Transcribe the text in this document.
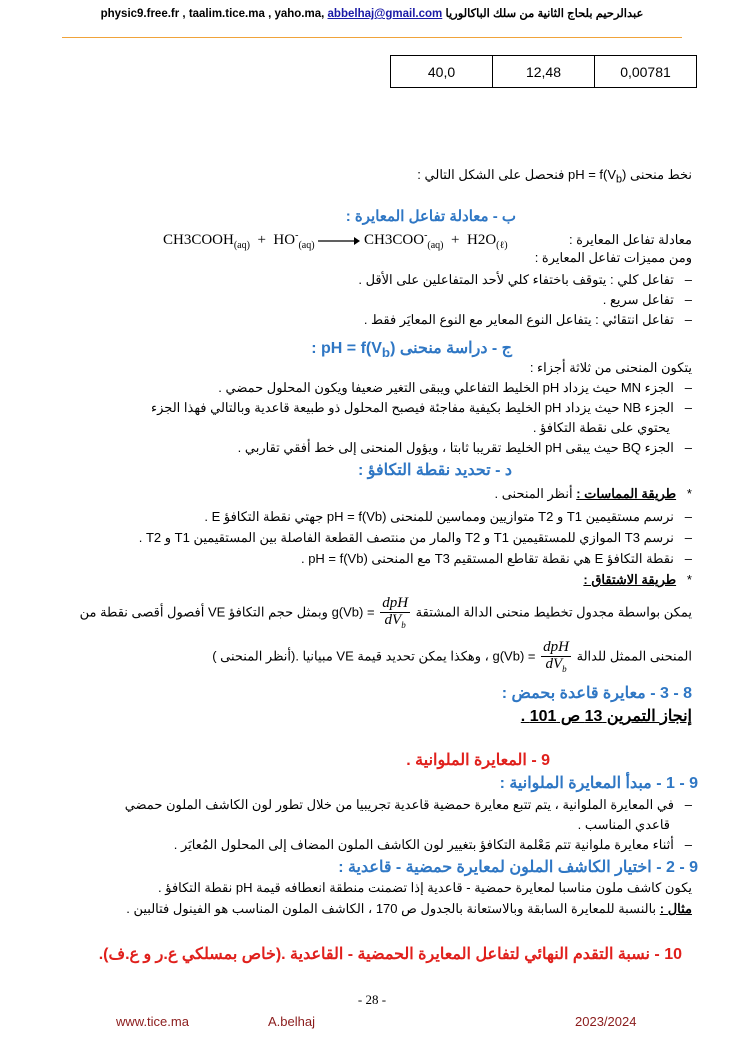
عبدالرحيم بلحاج الثانية من سلك الباكالوريا physic9.free.fr , taalim.tice.ma , yaho.ma, abbelhaj@gmail.com
40,0	12,48	0,00781
نخط منحنى pH = $f(V_b)$ فنحصل على الشكل التالي :
ب - معادلة تفاعل المعايرة :
معادلة تفاعل المعايرة :
$CH3COOH_{(aq)} + HO^-_{(aq)} \to CH3COO^-_{(aq)} + H2O_{(\ell)}$
ومن مميزات تفاعل المعايرة :
–   تفاعل كلي : يتوقف باختفاء كلي لأحد المتفاعلين على الأقل .
–   تفاعل سريع .
–   تفاعل انتقائي : يتفاعل النوع المعاير مع النوع المعايَر فقط .
ج - دراسة منحنى pH = $f(V_b)$ :
يتكون المنحنى من ثلاثة أجزاء :
–   الجزء MN حيث يزداد pH الخليط التفاعلي ويبقى التغير ضعيفا ويكون المحلول حمضي .
–   الجزء NB حيث يزداد pH الخليط بكيفية مفاجئة فيصبح المحلول ذو طبيعة قاعدية وبالتالي فهذا الجزء
يحتوي على نقطة التكافؤ .
–   الجزء BQ حيث يبقى pH الخليط تقريبا ثابتا ، ويؤول المنحنى إلى خط أفقي تقاربي .
د - تحديد نقطة التكافؤ :
*   طريقة المماسات : أنظر المنحنى .
–   نرسم مستقيمين T1 و T2 متوازيين ومماسين للمنحنى pH = f(Vb) جهتي نقطة التكافؤ E .
–   نرسم T3 الموازي للمستقيمين T1 و T2 والمار من منتصف القطعة الفاصلة بين المستقيمين T1 و T2 .
–   نقطة التكافؤ E هي نقطة تقاطع المستقيم T3 مع المنحنى pH = f(Vb) .
*   طريقة الاشتقاق :
يمكن بواسطة مجدول تخطيط منحنى الدالة المشتقة
$\frac{\text{dpH}}{dV_b}$
= g(Vb) وبمثل حجم التكافؤ VE أفصول أقصى نقطة من
المنحنى الممثل للدالة
$\frac{\text{dpH}}{dV_b}$
= g(Vb) ، وهكذا يمكن تحديد قيمة VE مبيانيا .(أنظر المنحنى )
8 - 3 - معايرة قاعدة بحمض :
إنجاز التمرين 13 ص 101 .
9 - المعايرة الملوانية .
9 - 1 - مبدأ المعايرة الملوانية :
–   في المعايرة الملوانية ، يتم تتبع معايرة حمضية قاعدية تجريبيا من خلال تطور لون الكاشف الملون حمضي
قاعدي المناسب .
–   أثناء معايرة ملوانية تتم مَعْلمة التكافؤ بتغيير لون الكاشف الملون المضاف إلى المحلول المُعايَر .
9 - 2 - اختيار الكاشف الملون لمعايرة حمضية - قاعدية :
يكون كاشف ملون مناسبا لمعايرة حمضية - قاعدية إذا تضمنت منطقة انعطافه قيمة pH نقطة التكافؤ .
مثال : بالنسبة للمعايرة السابقة وبالاستعانة بالجدول ص 170 ، الكاشف الملون المناسب هو الفينول فتالبين .
10 - نسبة التقدم النهائي لتفاعل المعايرة الحمضية - القاعدية .(خاص بمسلكي ع.ر و ع.ف).
- 28 -
www.tice.ma	A.belhaj	2023/2024
